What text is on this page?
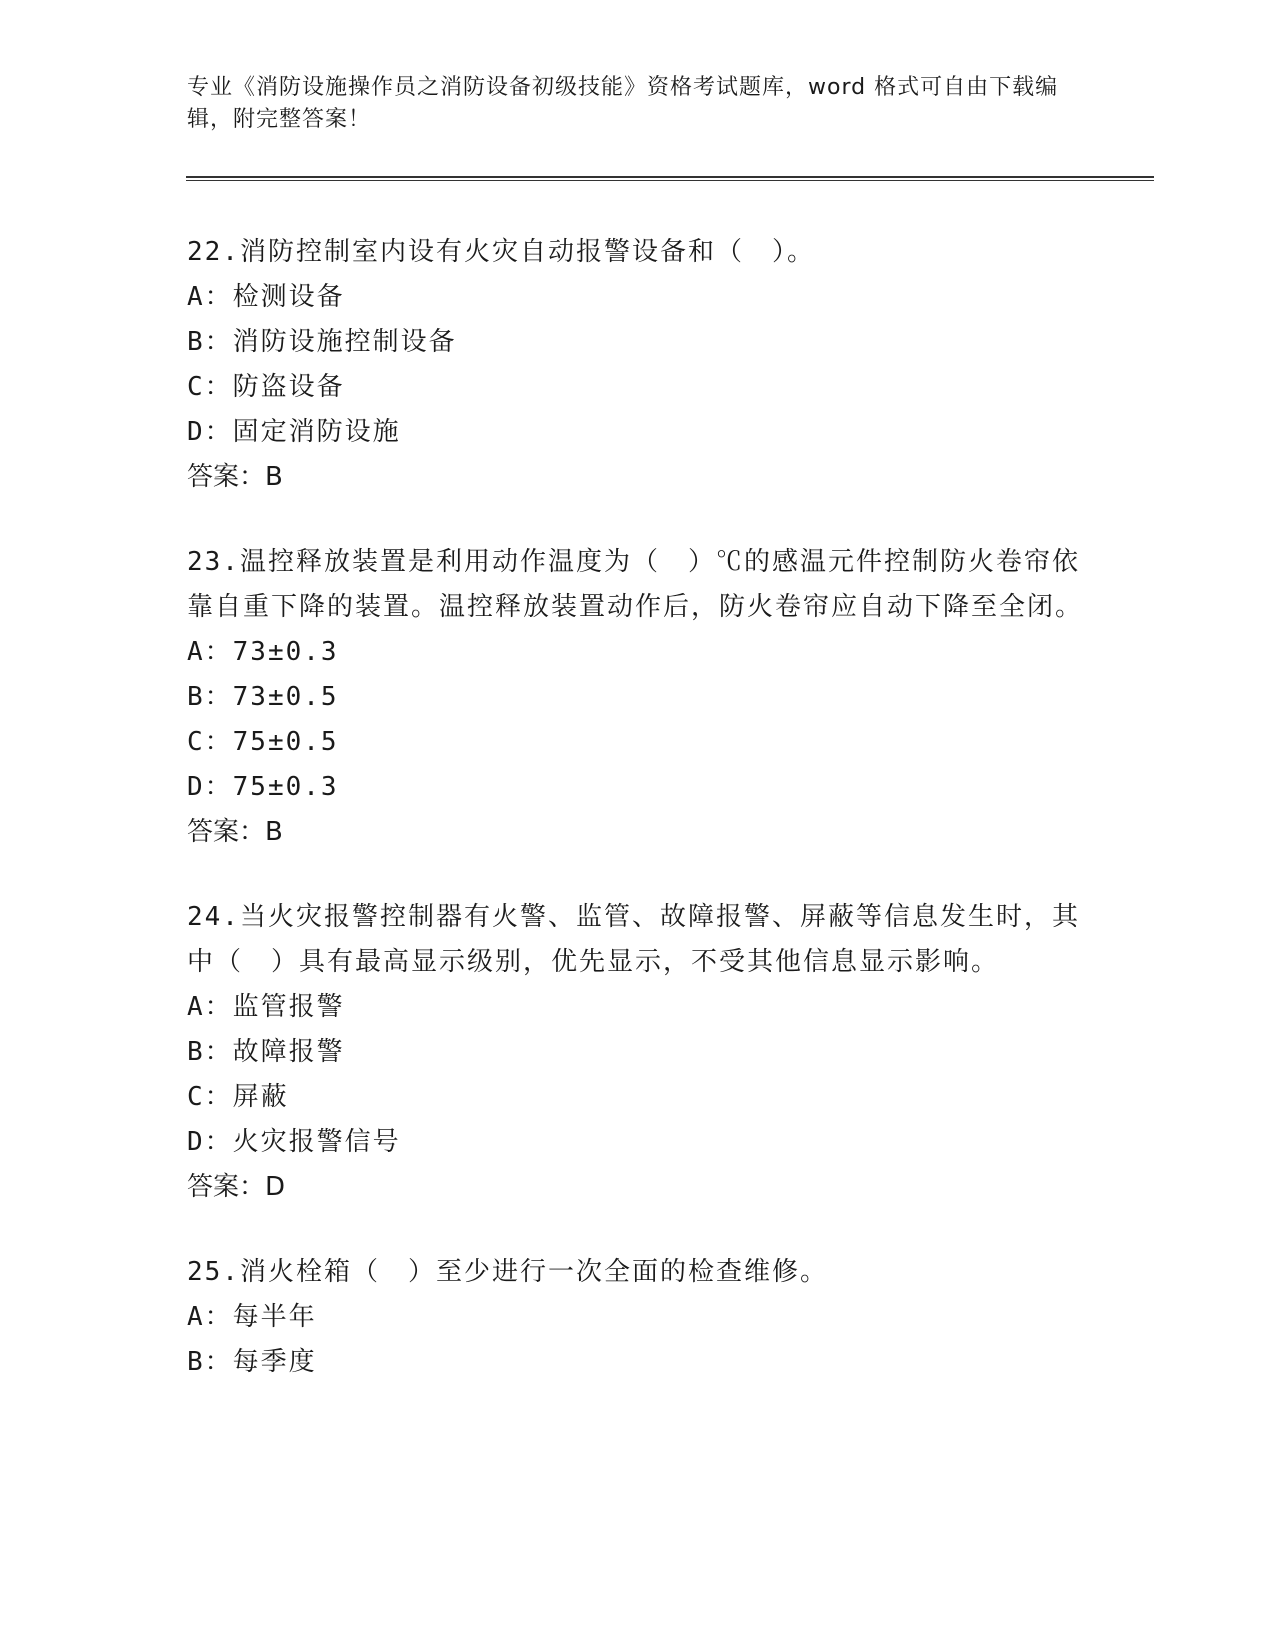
专业《消防设施操作员之消防设备初级技能》资格考试题库，word 格式可自由下载编辑，附完整答案！
22.消防控制室内设有火灾自动报警设备和（　）。
A：检测设备
B：消防设施控制设备
C：防盗设备
D：固定消防设施
答案：B
23.温控释放装置是利用动作温度为（　）℃的感温元件控制防火卷帘依靠自重下降的装置。温控释放装置动作后，防火卷帘应自动下降至全闭。
A：73±0.3
B：73±0.5
C：75±0.5
D：75±0.3
答案：B
24.当火灾报警控制器有火警、监管、故障报警、屏蔽等信息发生时，其中（　）具有最高显示级别，优先显示，不受其他信息显示影响。
A：监管报警
B：故障报警
C：屏蔽
D：火灾报警信号
答案：D
25.消火栓箱（　）至少进行一次全面的检查维修。
A：每半年
B：每季度
